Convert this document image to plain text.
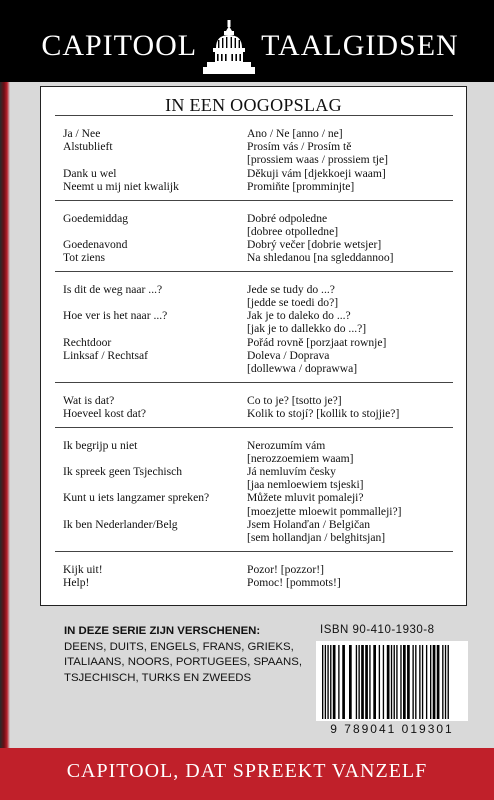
CAPITOOL TAALGIDSEN
IN EEN OOGOPSLAG
Ja / Nee	Ano / Ne [anno / ne]
Alstublieft	Prosím vás / Prosím tě
[prossiem waas / prossiem tje]
Dank u wel	Děkuji vám [djekkoeji waam]
Neemt u mij niet kwalijk	Promiňte [promminjte]
Goedemiddag	Dobré odpoledne
[dobree otpolledne]
Goedenavond	Dobrý večer [dobrie wetsjer]
Tot ziens	Na shledanou [na sgleddannoo]
Is dit de weg naar ...?	Jede se tudy do ...?
[jedde se toedi do?]
Hoe ver is het naar ...?	Jak je to daleko do ...?
[jak je to dallekko do ...?]
Rechtdoor	Pořád rovně [porzjaat rownje]
Linksaf / Rechtsaf	Doleva / Doprava
[dollewwa / doprawwa]
Wat is dat?	Co to je? [tsotto je?]
Hoeveel kost dat?	Kolik to stojí? [kollik to stojjie?]
Ik begrijp u niet	Nerozumím vám
[nerozzoemiem waam]
Ik spreek geen Tsjechisch	Já nemluvím česky
[jaa nemloewiem tsjeski]
Kunt u iets langzamer spreken?	Můžete mluvit pomaleji?
[moezjette mloewit pommalleji?]
Ik ben Nederlander/Belg	Jsem Holanďan / Belgičan
[sem hollandjan / belghitsjan]
Kijk uit!	Pozor! [pozzor!]
Help!	Pomoc! [pommots!]
IN DEZE SERIE ZIJN VERSCHENEN:
DEENS, DUITS, ENGELS, FRANS, GRIEKS,
ITALIAANS, NOORS, PORTUGEES, SPAANS,
TSJECHISCH, TURKS EN ZWEEDS
ISBN 90-410-1930-8
9 789041 019301
CAPITOOL, DAT SPREEKT VANZELF
